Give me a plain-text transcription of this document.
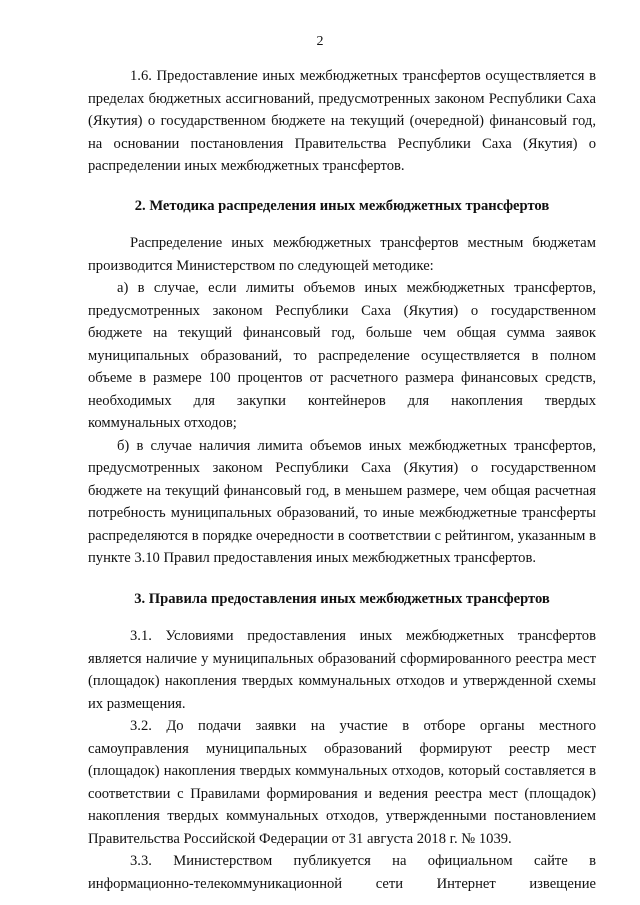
2

1.6. Предоставление иных межбюджетных трансфертов осуществляется в пределах бюджетных ассигнований, предусмотренных законом Республики Саха (Якутия) о государственном бюджете на текущий (очередной) финансовый год, на основании постановления Правительства Республики Саха (Якутия) о распределении иных межбюджетных трансфертов.

2. Методика распределения иных межбюджетных трансфертов

Распределение иных межбюджетных трансфертов местным бюджетам производится Министерством по следующей методике:

а) в случае, если лимиты объемов иных межбюджетных трансфертов, предусмотренных законом Республики Саха (Якутия) о государственном бюджете на текущий финансовый год, больше чем общая сумма заявок муниципальных образований, то распределение осуществляется в полном объеме в размере 100 процентов от расчетного размера финансовых средств, необходимых для закупки контейнеров для накопления твердых

коммунальных отходов;

б) в случае наличия лимита объемов иных межбюджетных трансфертов, предусмотренных законом Республики Саха (Якутия) о государственном бюджете на текущий финансовый год, в меньшем размере, чем общая расчетная потребность муниципальных образований, то иные межбюджетные трансферты распределяются в порядке очередности в соответствии с рейтингом, указанным в пункте 3.10 Правил предоставления иных межбюджетных трансфертов.

3. Правила предоставления иных межбюджетных трансфертов

3.1. Условиями предоставления иных межбюджетных трансфертов является наличие у муниципальных образований сформированного реестра мест (площадок) накопления твердых коммунальных отходов и утвержденной схемы их размещения.

3.2. До подачи заявки на участие в отборе органы местного самоуправления муниципальных образований формируют реестр мест (площадок) накопления твердых коммунальных отходов, который составляется в соответствии с Правилами формирования и ведения реестра мест (площадок) накопления твердых коммунальных отходов, утвержденными постановлением Правительства Российской Федерации от 31 августа 2018 г. № 1039.

3.3. Министерством публикуется на официальном сайте в информационно-телекоммуникационной сети Интернет извещение
